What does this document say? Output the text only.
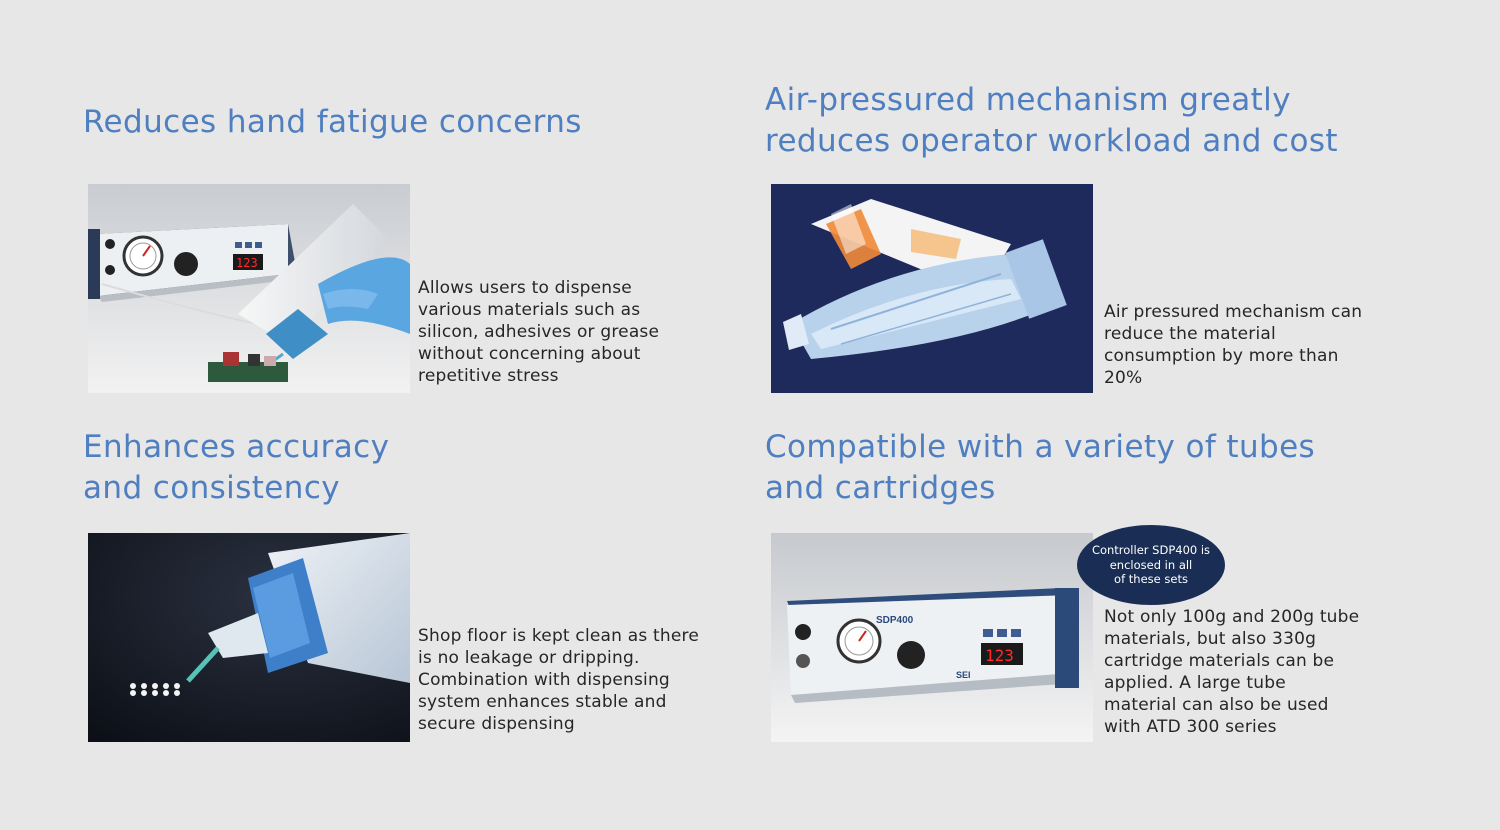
Reduces hand fatigue concerns
123
Allows users to dispense
various materials such as
silicon, adhesives or grease
without concerning about
repetitive stress
Air-pressured mechanism greatly
reduces operator workload and cost
Air pressured mechanism can
reduce the material
consumption by more than
20%
Enhances accuracy
and consistency
Shop floor is kept clean as there
is no leakage or dripping.
Combination with dispensing
system enhances stable and
secure dispensing
Compatible with a variety of tubes
and cartridges
SDP400
123
SEI
Controller SDP400 is
enclosed in all
of these sets
Not only 100g and 200g tube
materials, but also 330g
cartridge materials can be
applied. A large tube
material can also be used
with ATD 300 series
